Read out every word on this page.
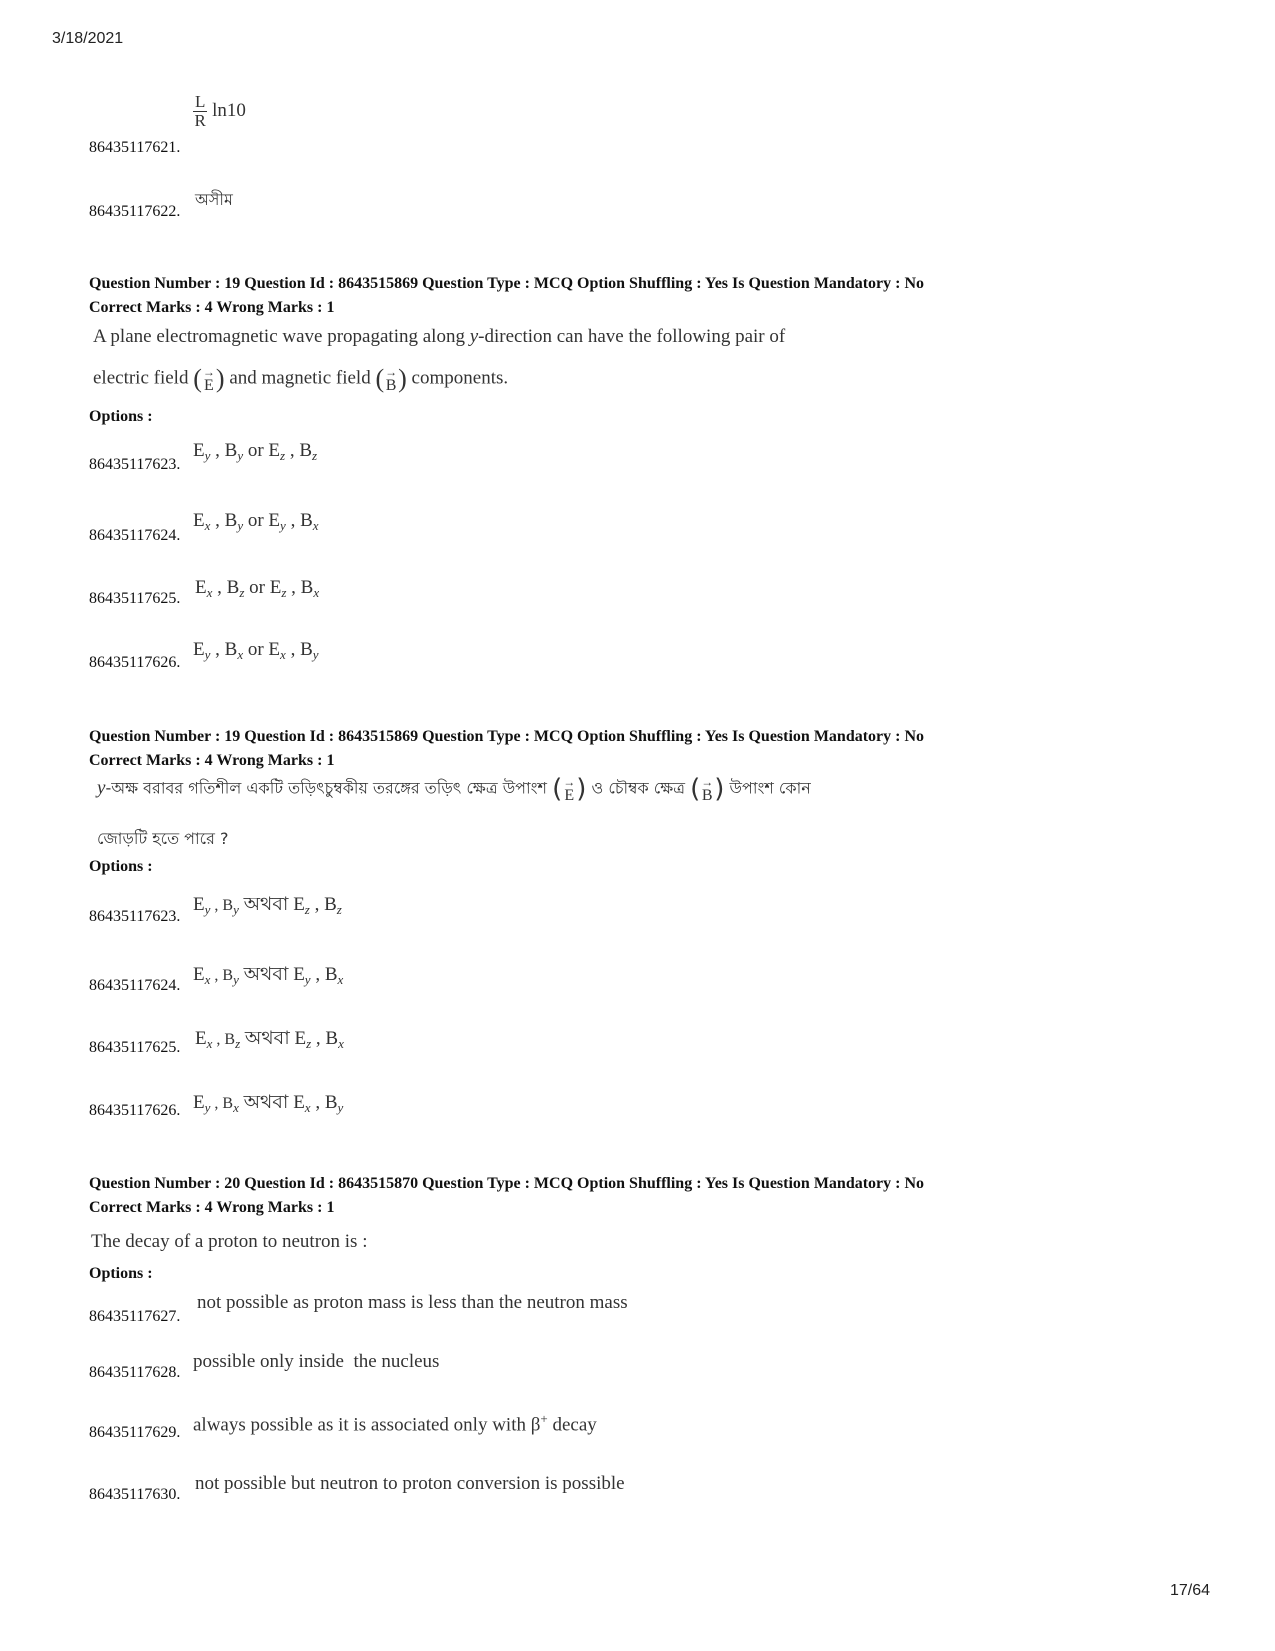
3/18/2021
17/64
86435117621.
$\frac{L}{R} \ln 10$
86435117622.
অসীম
Question Number : 19 Question Id : 8643515869 Question Type : MCQ Option Shuffling : Yes Is Question Mandatory : No
Correct Marks : 4 Wrong Marks : 1
A plane electromagnetic wave propagating along y-direction can have the following pair of
electric field ( →
E ) and magnetic field ( →
B ) components.
Options :
86435117623.
$E_y$ , $B_y$ or $E_z$ , $B_z$
86435117624.
$E_x$ , $B_y$ or $E_y$ , $B_x$
86435117625.
$E_x$ , $B_z$ or $E_z$ , $B_x$
86435117626.
$E_y$ , $B_x$ or $E_x$ , $B_y$
Question Number : 19 Question Id : 8643515869 Question Type : MCQ Option Shuffling : Yes Is Question Mandatory : No
Correct Marks : 4 Wrong Marks : 1
y-অক্ষ বরাবর গতিশীল একটি তড়িৎচুম্বকীয় তরঙ্গের তড়িৎ ক্ষেত্র উপাংশ ( →
E ) ও চৌম্বক ক্ষেত্র ( →
B ) উপাংশ কোন
জোড়টি হতে পারে ?
Options :
86435117623.
$E_y$ , $B_y$ অথবা $E_z$ , $B_z$
86435117624.
$E_x$ , $B_y$ অথবা $E_y$ , $B_x$
86435117625. $E_x$ , $B_z$ অথবা $E_z$ , $B_x$
86435117626. $E_y$ , $B_x$ অথবা $E_x$ , $B_y$
Question Number : 20 Question Id : 8643515870 Question Type : MCQ Option Shuffling : Yes Is Question Mandatory : No
Correct Marks : 4 Wrong Marks : 1
The decay of a proton to neutron is :
Options :
86435117627.
not possible as proton mass is less than the neutron mass
86435117628.
possible only inside  the nucleus
86435117629. always possible as it is associated only with β+ decay
86435117630.
not possible but neutron to proton conversion is possible
